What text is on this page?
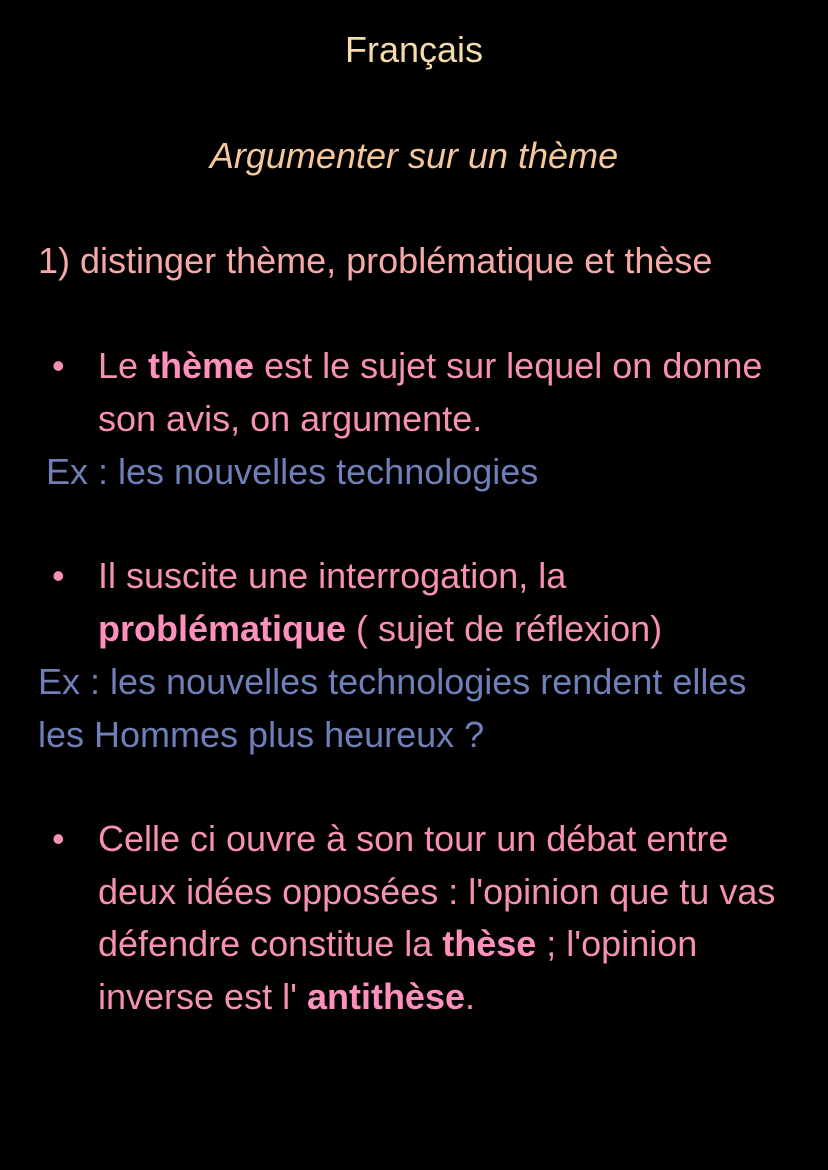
Français
Argumenter sur un thème
1) distinger thème, problématique et thèse
• Le thème est le sujet sur lequel on donne son avis, on argumente.
Ex : les nouvelles technologies
• Il suscite une interrogation, la problématique ( sujet de réflexion)
Ex : les nouvelles technologies rendent elles les Hommes plus heureux ?
• Celle ci ouvre à son tour un débat entre deux idées opposées : l'opinion que tu vas défendre constitue la thèse ; l'opinion inverse est l' antithèse.
